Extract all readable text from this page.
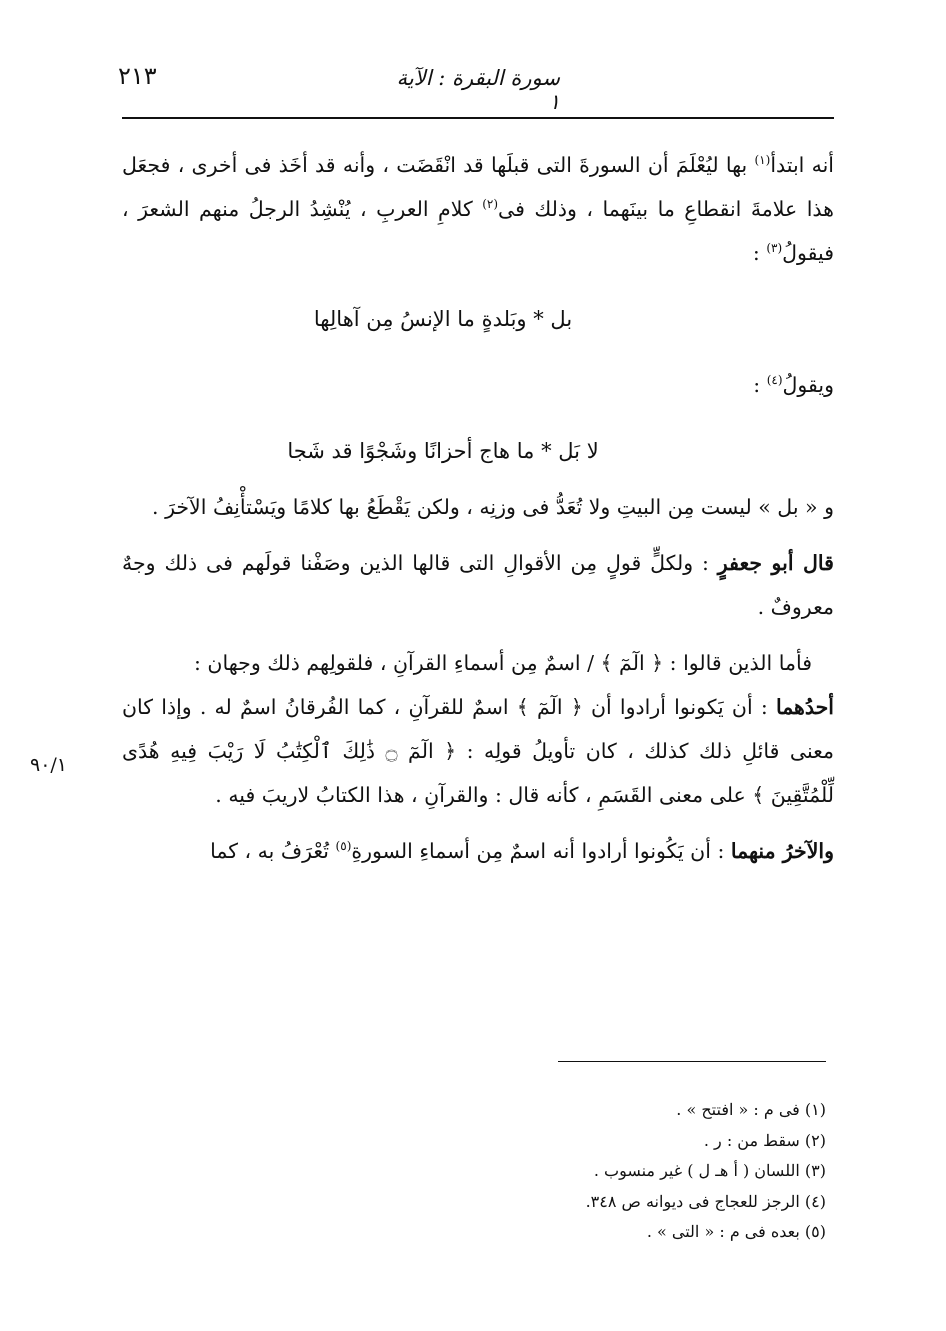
٢١٣	سورة البقرة : الآية ١

أنه ابتدأ$^{(١)}$ بها ليُعْلَمَ أن السورةَ التى قبلَها قد انْقَضَت ، وأنه قد أخَذ فى أخرى ، فجعَل هذا علامةَ انقطاعِ ما بينَهما ، وذلك فى$^{(٢)}$ كلامِ العربِ ، يُنْشِدُ الرجلُ منهم الشعرَ ، فيقولُ$^{(٣)}$ :

بل * وبَلدةٍ ما الإنسُ مِن آهالِها

ويقولُ$^{(٤)}$ :

لا بَل * ما هاج أحزانًا وشَجْوًا قد شَجا

و « بل » ليست مِن البيتِ ولا تُعَدُّ فى وزنِه ، ولكن يَقْطَعُ بها كلامًا ويَسْتأْنِفُ الآخرَ .

قال أبو جعفرٍ : ولكلٍّ قولٍ مِن الأقوالِ التى قالها الذين وصَفْنا قولَهم فى ذلك وجهٌ معروفٌ .

فأما الذين قالوا : ﴿ الٓمٓ ﴾ / اسمٌ مِن أسماءِ القرآنِ ، فلقولِهم ذلك وجهان :

أحدُهما : أن يَكونوا أرادوا أن ﴿ الٓمٓ ﴾ اسمٌ للقرآنِ ، كما الفُرقانُ اسمٌ له . وإذا كان معنى قائلِ ذلك كذلك ، كان تأويلُ قولِه : ﴿ الٓمٓ ۝ ذَٰلِكَ ٱلْكِتَٰبُ لَا رَيْبَ فِيهِ هُدًى لِّلْمُتَّقِينَ ﴾ على معنى القَسَمِ ، كأنه قال : والقرآنِ ، هذا الكتابُ لاريبَ فيه .

والآخرُ منهما : أن يَكُونوا أرادوا أنه اسمٌ مِن أسماءِ السورةِ$^{(٥)}$ تُعْرَفُ به ، كما

٩٠/١
(١) فى م : « افتتح » .
(٢) سقط من : ر .
(٣) اللسان ( أ هـ ل ) غير منسوب .
(٤) الرجز للعجاج فى ديوانه ص ٣٤٨.
(٥) بعده فى م : « التى » .
